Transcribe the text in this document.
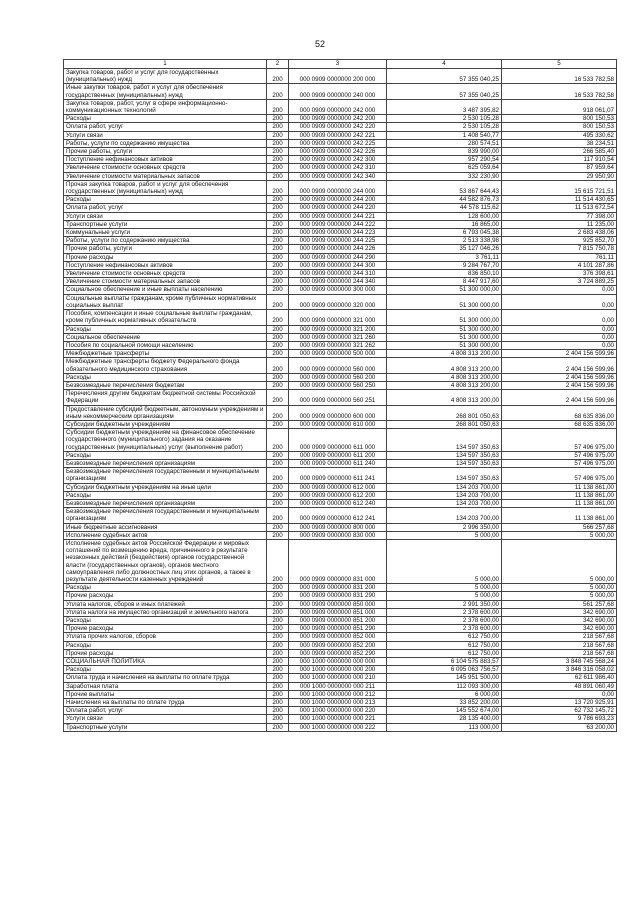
52
1	2	3	4	5
Закупка товаров, работ и услуг для государственных (муниципальных) нужд	200	000 0909 0000000 200 000	57 355 040,25	16 533 782,58
Иные закупки товаров, работ и услуг для обеспечения государственных (муниципальных) нужд	200	000 0909 0000000 240 000	57 355 040,25	16 533 782,58
Закупка товаров, работ, услуг в сфере информационно-коммуникационных технологий	200	000 0909 0000000 242 000	3 487 395,82	918 061,07
Расходы	200	000 0909 0000000 242 200	2 530 105,28	800 150,53
Оплата работ, услуг	200	000 0909 0000000 242 220	2 530 105,28	800 150,53
Услуги связи	200	000 0909 0000000 242 221	1 408 540,77	495 330,62
Работы, услуги по содержанию имущества	200	000 0909 0000000 242 225	280 574,51	38 234,51
Прочие работы, услуги	200	000 0909 0000000 242 226	839 990,00	266 585,40
Поступление нефинансовых активов	200	000 0909 0000000 242 300	957 290,54	117 910,54
Увеличение стоимости основных средств	200	000 0909 0000000 242 310	625 059,64	87 959,64
Увеличение стоимости материальных запасов	200	000 0909 0000000 242 340	332 230,90	29 950,90
Прочая закупка товаров, работ и услуг для обеспечения государственных (муниципальных) нужд	200	000 0909 0000000 244 000	53 867 644,43	15 615 721,51
Расходы	200	000 0909 0000000 244 200	44 582 876,73	11 514 430,65
Оплата работ, услуг	200	000 0909 0000000 244 220	44 578 115,62	11 513 672,54
Услуги связи	200	000 0909 0000000 244 221	128 600,00	77 398,00
Транспортные услуги	200	000 0909 0000000 244 222	16 865,00	11 235,00
Коммунальные услуги	200	000 0909 0000000 244 223	6 793 045,38	2 683 438,06
Работы, услуги по содержанию имущества	200	000 0909 0000000 244 225	2 513 338,98	925 852,70
Прочие работы, услуги	200	000 0909 0000000 244 226	35 127 046,26	7 815 750,78
Прочие расходы	200	000 0909 0000000 244 290	3 761,11	761,11
Поступление нефинансовых активов	200	000 0909 0000000 244 300	9 284 767,70	4 101 287,86
Увеличение стоимости основных средств	200	000 0909 0000000 244 310	836 850,10	376 398,61
Увеличение стоимости материальных запасов	200	000 0909 0000000 244 340	8 447 917,60	3 724 889,25
Социальное обеспечение и иные выплаты населению	200	000 0909 0000000 300 000	51 300 000,00	0,00
Социальные выплаты гражданам, кроме публичных нормативных социальных выплат	200	000 0909 0000000 320 000	51 300 000,00	0,00
Пособия, компенсации и иные социальные выплаты гражданам, кроме публичных нормативных обязательств	200	000 0909 0000000 321 000	51 300 000,00	0,00
Расходы	200	000 0909 0000000 321 200	51 300 000,00	0,00
Социальное обеспечение	200	000 0909 0000000 321 260	51 300 000,00	0,00
Пособия по социальной помощи населению	200	000 0909 0000000 321 262	51 300 000,00	0,00
Межбюджетные трансферты	200	000 0909 0000000 500 000	4 808 313 200,00	2 404 156 599,96
Межбюджетные трансферты бюджету Федерального фонда обязательного медицинского страхования	200	000 0909 0000000 560 000	4 808 313 200,00	2 404 156 599,96
Расходы	200	000 0909 0000000 560 200	4 808 313 200,00	2 404 156 599,96
Безвозмездные перечисления бюджетам	200	000 0909 0000000 560 250	4 808 313 200,00	2 404 156 599,96
Перечисления другим бюджетам бюджетной системы Российской Федерации	200	000 0909 0000000 560 251	4 808 313 200,00	2 404 156 599,96
Предоставление субсидий бюджетным, автономным учреждениям и иным некоммерческим организациям	200	000 0909 0000000 600 000	268 801 050,63	68 635 836,00
Субсидии бюджетным учреждениям	200	000 0909 0000000 610 000	268 801 050,63	68 635 836,00
Субсидии бюджетным учреждениям на финансовое обеспечение государственного (муниципального) задания на оказание государственных (муниципальных) услуг (выполнение работ)	200	000 0909 0000000 611 000	134 597 350,63	57 496 975,00
Расходы	200	000 0909 0000000 611 200	134 597 350,63	57 496 975,00
Безвозмездные перечисления организациям	200	000 0909 0000000 611 240	134 597 350,63	57 496 975,00
Безвозмездные перечисления государственным и муниципальным организациям	200	000 0909 0000000 611 241	134 597 350,63	57 496 975,00
Субсидии бюджетным учреждениям на иные цели	200	000 0909 0000000 612 000	134 203 700,00	11 138 861,00
Расходы	200	000 0909 0000000 612 200	134 203 700,00	11 138 861,00
Безвозмездные перечисления организациям	200	000 0909 0000000 612 240	134 203 700,00	11 138 861,00
Безвозмездные перечисления государственным и муниципальным организациям	200	000 0909 0000000 612 241	134 203 700,00	11 138 861,00
Иные бюджетные ассигнования	200	000 0909 0000000 800 000	2 996 350,00	566 257,68
Исполнение судебных актов	200	000 0909 0000000 830 000	5 000,00	5 000,00
Исполнение судебных актов Российской Федерации и мировых соглашений по возмещению вреда, причиненного в результате незаконных действий (бездействия) органов государственной власти (государственных органов), органов местного самоуправления либо должностных лиц этих органов, а также в результате деятельности казенных учреждений	200	000 0909 0000000 831 000	5 000,00	5 000,00
Расходы	200	000 0909 0000000 831 200	5 000,00	5 000,00
Прочие расходы	200	000 0909 0000000 831 290	5 000,00	5 000,00
Уплата налогов, сборов и иных платежей	200	000 0909 0000000 850 000	2 991 350,00	561 257,68
Уплата налога на имущество организаций и земельного налога	200	000 0909 0000000 851 000	2 378 600,00	342 690,00
Расходы	200	000 0909 0000000 851 200	2 378 600,00	342 690,00
Прочие расходы	200	000 0909 0000000 851 290	2 378 600,00	342 690,00
Уплата прочих налогов, сборов	200	000 0909 0000000 852 000	612 750,00	218 567,68
Расходы	200	000 0909 0000000 852 200	612 750,00	218 567,68
Прочие расходы	200	000 0909 0000000 852 290	612 750,00	218 567,68
СОЦИАЛЬНАЯ ПОЛИТИКА	200	000 1000 0000000 000 000	6 104 575 883,57	3 848 745 568,24
Расходы	200	000 1000 0000000 000 200	6 095 063 756,57	3 846 316 058,02
Оплата труда и начисления на выплаты по оплате труда	200	000 1000 0000000 000 210	145 951 500,00	62 611 986,40
Заработная плата	200	000 1000 0000000 000 211	112 093 300,00	48 891 060,49
Прочие выплаты	200	000 1000 0000000 000 212	6 000,00	0,00
Начисления на выплаты по оплате труда	200	000 1000 0000000 000 213	33 852 200,00	13 720 925,91
Оплата работ, услуг	200	000 1000 0000000 000 220	145 552 674,00	62 732 145,72
Услуги связи	200	000 1000 0000000 000 221	28 135 400,00	9 786 693,23
Транспортные услуги	200	000 1000 0000000 000 222	113 000,00	63 200,00
